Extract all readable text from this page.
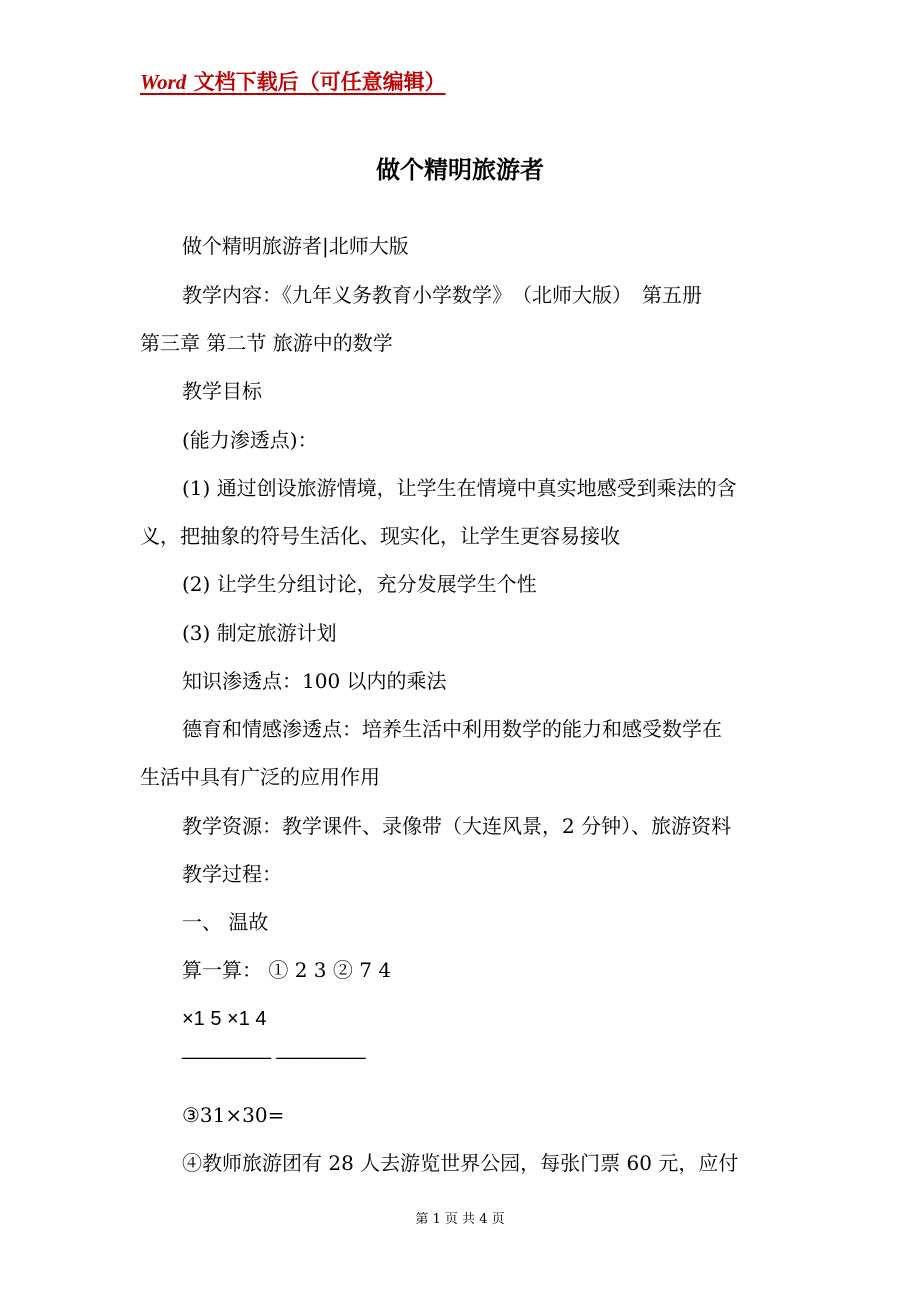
Word 文档下载后（可任意编辑）
做个精明旅游者
做个精明旅游者|北师大版
教学内容：《九年义务教育小学数学》　（北师大版）　第五册
第三章 第二节 旅游中的数学
教学目标
(能力渗透点)：
(1) 通过创设旅游情境，让学生在情境中真实地感受到乘法的含
义，把抽象的符号生活化、现实化，让学生更容易接收
(2) 让学生分组讨论，充分发展学生个性
(3) 制定旅游计划
知识渗透点：100 以内的乘法
德育和情感渗透点：培养生活中利用数学的能力和感受数学在
生活中具有广泛的应用作用
教学资源：教学课件、录像带（大连风景，2 分钟）、旅游资料
教学过程：
一、 温故
算一算： ① 2 3 ② 7 4
×1 5 ×1 4
________ ________
③31×30=
④教师旅游团有 28 人去游览世界公园，每张门票 60 元，应付
第 1 页 共 4 页
